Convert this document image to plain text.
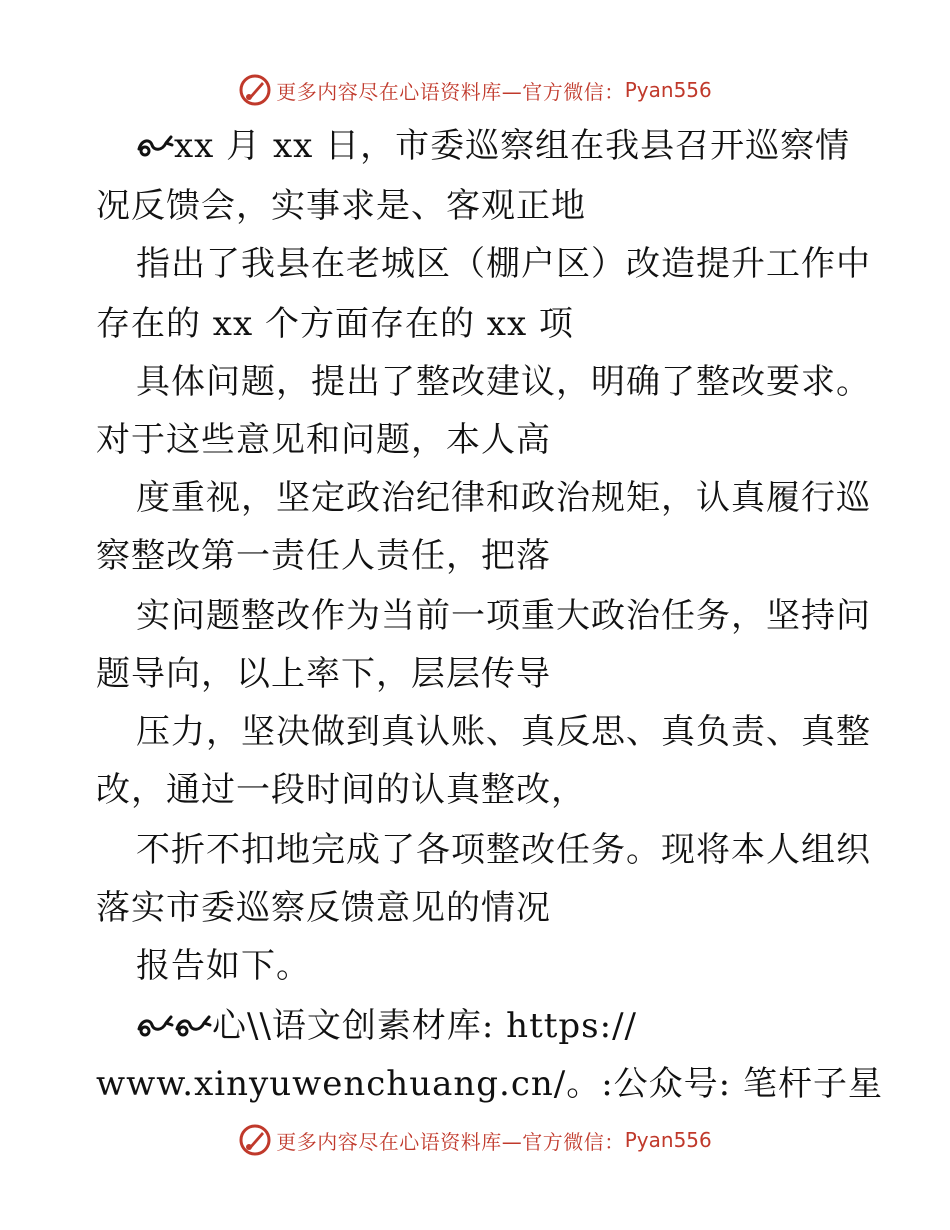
更多内容尽在心语资料库—官方微信： Pyan556
xx 月 xx 日，市委巡察组在我县召开巡察情
况反馈会，实事求是、客观正地
指出了我县在老城区（棚户区）改造提升工作中
存在的 xx 个方面存在的 xx 项
具体问题，提出了整改建议，明确了整改要求。
对于这些意见和问题，本人高
度重视，坚定政治纪律和政治规矩，认真履行巡
察整改第一责任人责任，把落
实问题整改作为当前一项重大政治任务，坚持问
题导向，以上率下，层层传导
压力，坚决做到真认账、真反思、真负责、真整
改，通过一段时间的认真整改，
不折不扣地完成了各项整改任务。现将本人组织
落实市委巡察反馈意见的情况
报告如下。
心\\语文创素材库: https://
www.xinyuwenchuang.cn/。:公众号: 笔杆子星
更多内容尽在心语资料库—官方微信： Pyan556
